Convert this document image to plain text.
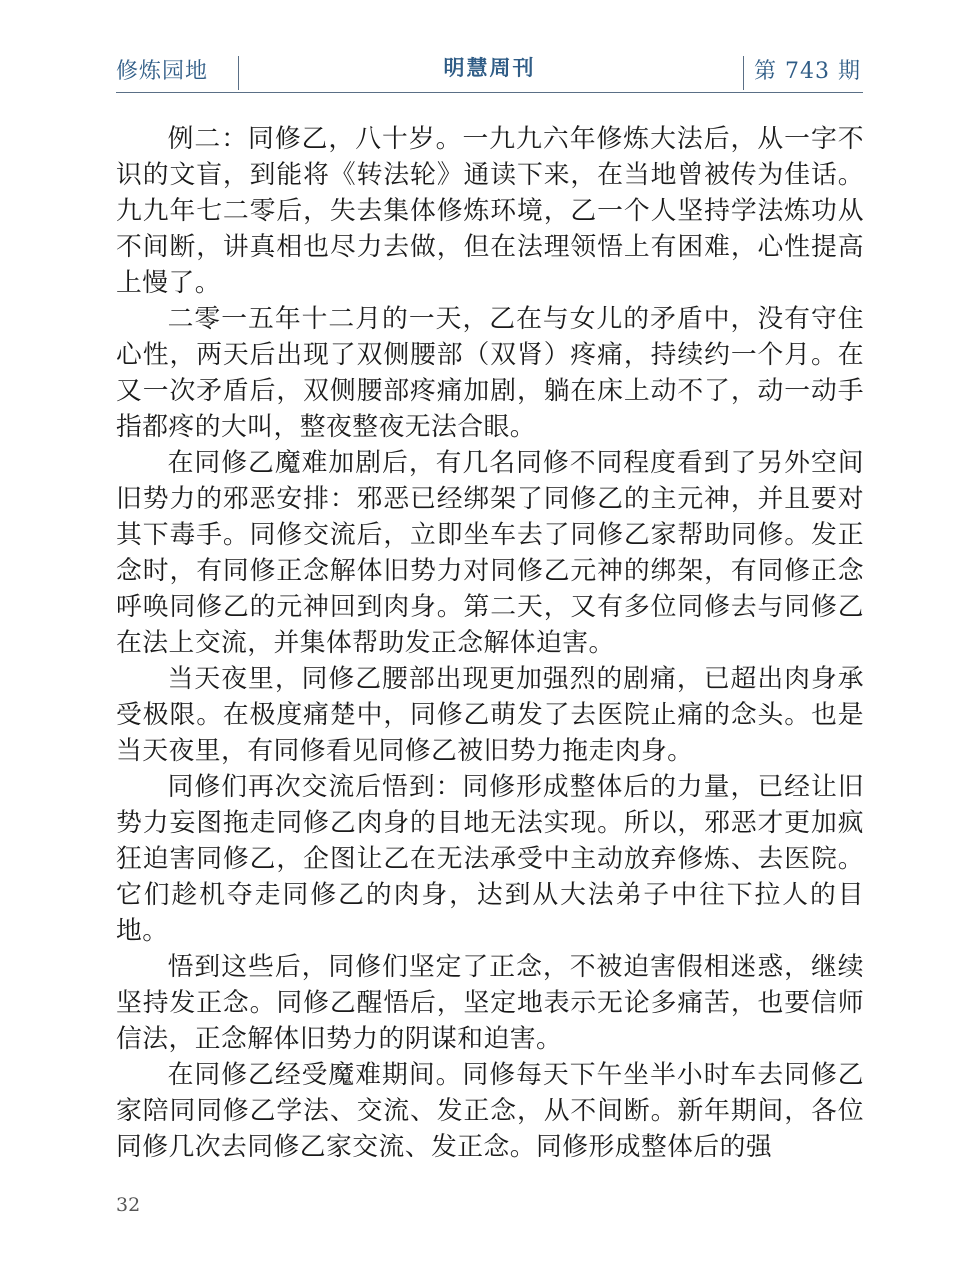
修炼园地	明慧周刊	第 743 期

例二：同修乙，八十岁。一九九六年修炼大法后，从一字不识的文盲，到能将《转法轮》通读下来，在当地曾被传为佳话。九九年七二零后，失去集体修炼环境，乙一个人坚持学法炼功从不间断，讲真相也尽力去做，但在法理领悟上有困难，心性提高上慢了。

二零一五年十二月的一天，乙在与女儿的矛盾中，没有守住心性，两天后出现了双侧腰部（双肾）疼痛，持续约一个月。在又一次矛盾后，双侧腰部疼痛加剧，躺在床上动不了，动一动手指都疼的大叫，整夜整夜无法合眼。

在同修乙魔难加剧后，有几名同修不同程度看到了另外空间旧势力的邪恶安排：邪恶已经绑架了同修乙的主元神，并且要对其下毒手。同修交流后，立即坐车去了同修乙家帮助同修。发正念时，有同修正念解体旧势力对同修乙元神的绑架，有同修正念呼唤同修乙的元神回到肉身。第二天，又有多位同修去与同修乙在法上交流，并集体帮助发正念解体迫害。

当天夜里，同修乙腰部出现更加强烈的剧痛，已超出肉身承受极限。在极度痛楚中，同修乙萌发了去医院止痛的念头。也是当天夜里，有同修看见同修乙被旧势力拖走肉身。

同修们再次交流后悟到：同修形成整体后的力量，已经让旧势力妄图拖走同修乙肉身的目地无法实现。所以，邪恶才更加疯狂迫害同修乙，企图让乙在无法承受中主动放弃修炼、去医院。它们趁机夺走同修乙的肉身，达到从大法弟子中往下拉人的目地。

悟到这些后，同修们坚定了正念，不被迫害假相迷惑，继续坚持发正念。同修乙醒悟后，坚定地表示无论多痛苦，也要信师信法，正念解体旧势力的阴谋和迫害。

在同修乙经受魔难期间。同修每天下午坐半小时车去同修乙家陪同同修乙学法、交流、发正念，从不间断。新年期间，各位同修几次去同修乙家交流、发正念。同修形成整体后的强

32
